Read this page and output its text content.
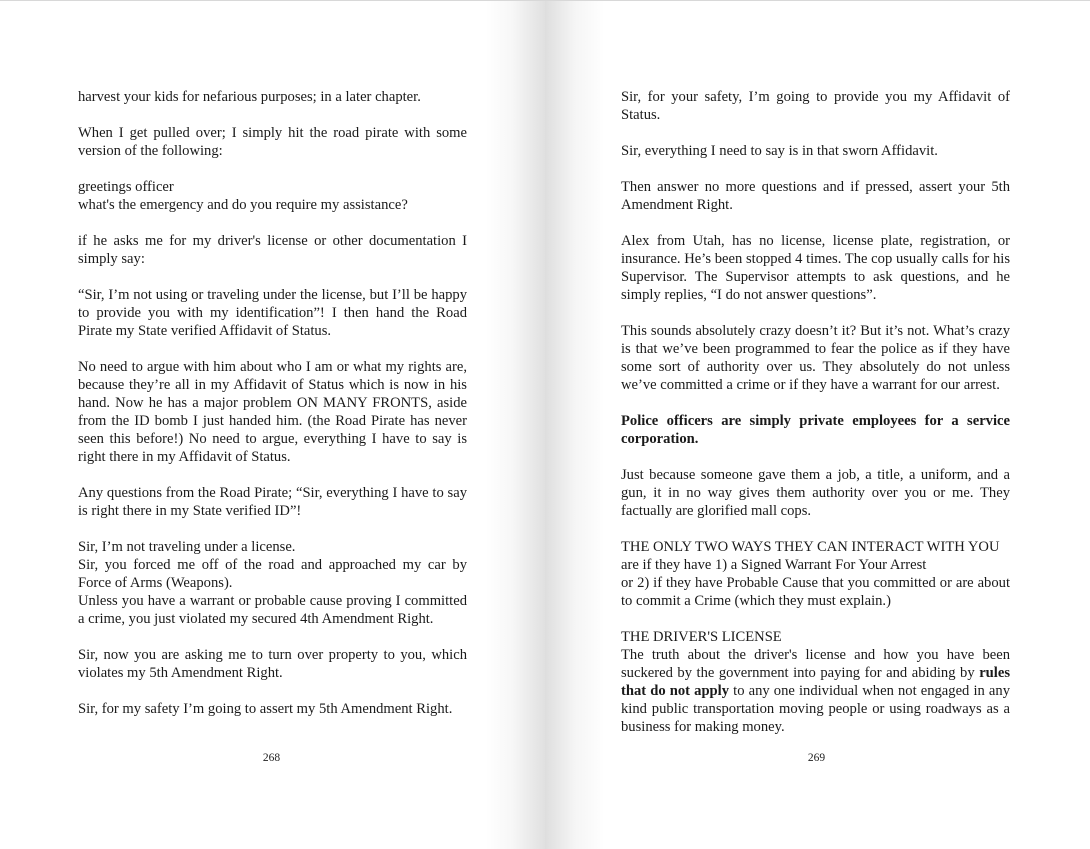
harvest your kids for nefarious purposes; in a later chapter.

When I get pulled over; I simply hit the road pirate with some version of the following:

greetings officer
what's the emergency and do you require my assistance?

if he asks me for my driver's license or other documentation I simply say:

“Sir, I’m not using or traveling under the license, but I’ll be happy to provide you with my identification”! I then hand the Road Pirate my State verified Affidavit of Status.

No need to argue with him about who I am or what my rights are, because they’re all in my Affidavit of Status which is now in his hand. Now he has a major problem ON MANY FRONTS, aside from the ID bomb I just handed him. (the Road Pirate has never seen this before!) No need to argue, everything I have to say is right there in my Affidavit of Status.

Any questions from the Road Pirate; “Sir, everything I have to say is right there in my State verified ID”!

Sir, I’m not traveling under a license.
Sir, you forced me off of the road and approached my car by Force of Arms (Weapons).
Unless you have a warrant or probable cause proving I committed a crime, you just violated my secured 4th Amendment Right.

Sir, now you are asking me to turn over property to you, which violates my 5th Amendment Right.

Sir, for my safety I’m going to assert my 5th Amendment Right.

268

Sir, for your safety, I’m going to provide you my Affidavit of Status.

Sir, everything I need to say is in that sworn Affidavit.

Then answer no more questions and if pressed, assert your 5th Amendment Right.

Alex from Utah, has no license, license plate, registration, or insurance. He’s been stopped 4 times. The cop usually calls for his Supervisor. The Supervisor attempts to ask questions, and he simply replies, “I do not answer questions”.

This sounds absolutely crazy doesn’t it? But it’s not. What’s crazy is that we’ve been programmed to fear the police as if they have some sort of authority over us. They absolutely do not unless we’ve committed a crime or if they have a warrant for our arrest.

Police officers are simply private employees for a service corporation.

Just because someone gave them a job, a title, a uniform, and a gun, it in no way gives them authority over you or me. They factually are glorified mall cops.

THE ONLY TWO WAYS THEY CAN INTERACT WITH YOU
are if they have 1) a Signed Warrant For Your Arrest
or 2) if they have Probable Cause that you committed or are about to commit a Crime (which they must explain.)

THE DRIVER'S LICENSE
The truth about the driver's license and how you have been suckered by the government into paying for and abiding by rules that do not apply to any one individual when not engaged in any kind public transportation moving people or using roadways as a business for making money.

269
